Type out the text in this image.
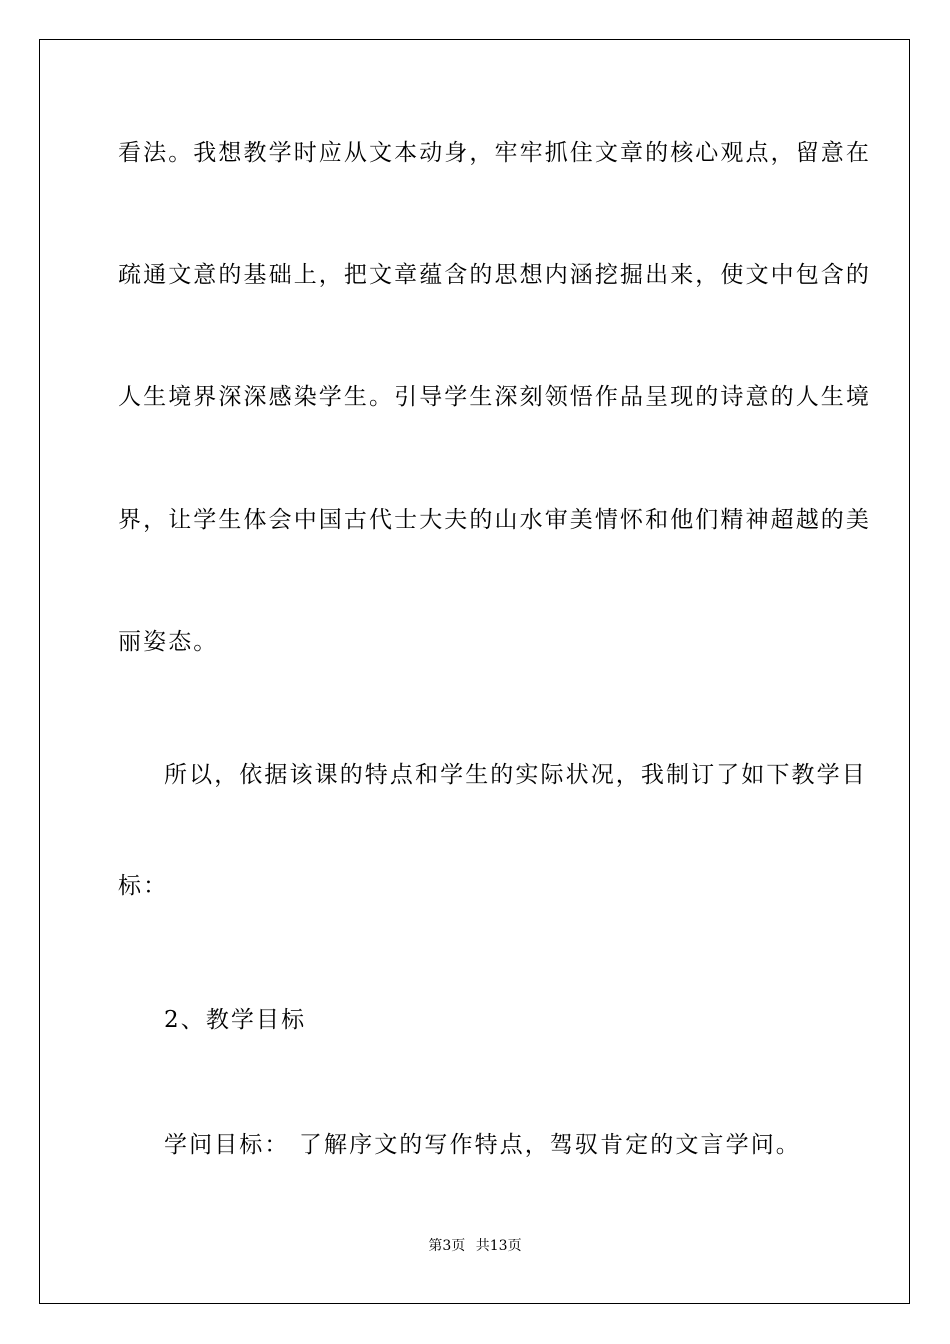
看法。我想教学时应从文本动身，牢牢抓住文章的核心观点，留意在
疏通文意的基础上，把文章蕴含的思想内涵挖掘出来，使文中包含的
人生境界深深感染学生。引导学生深刻领悟作品呈现的诗意的人生境
界，让学生体会中国古代士大夫的山水审美情怀和他们精神超越的美
丽姿态。
所以，依据该课的特点和学生的实际状况，我制订了如下教学目
标：
2、教学目标
学问目标： 了解序文的写作特点，驾驭肯定的文言学问。
第3页 共13页
